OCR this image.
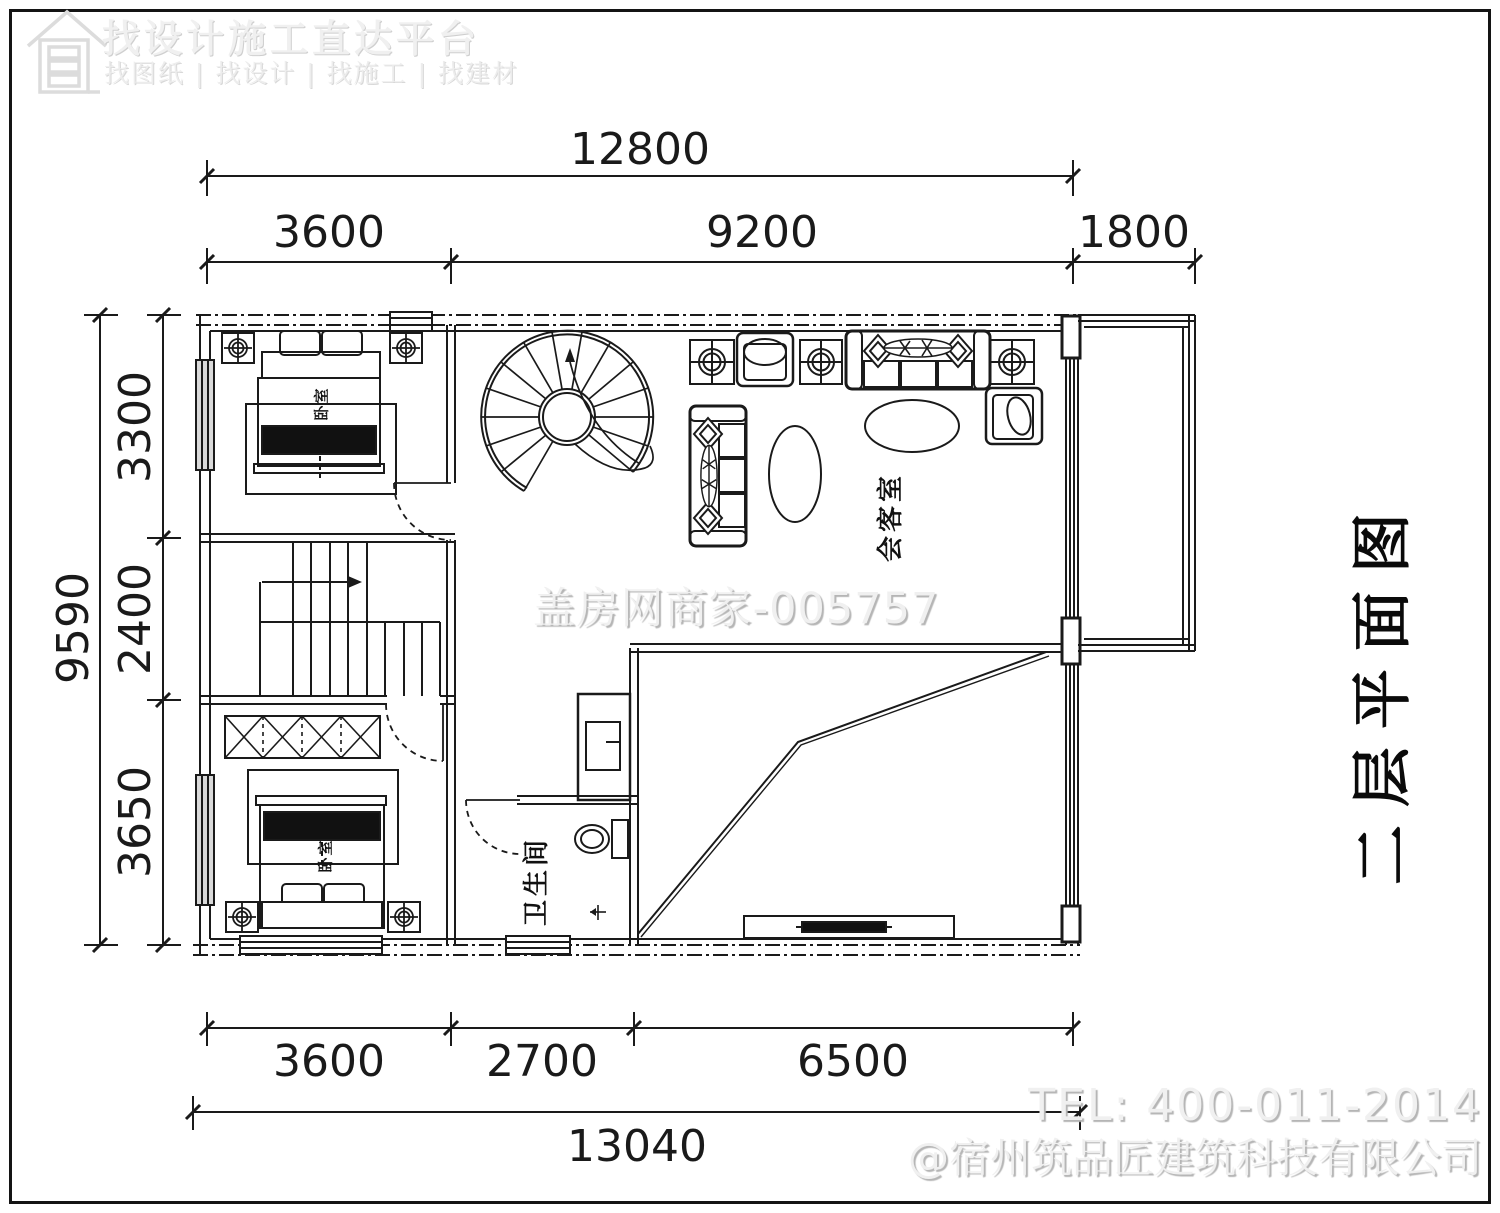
找设计施工直达平台
找图纸 | 找设计 | 找施工 | 找建材
12800
3600	9200	1800
9590
3300
2400
3650
3600	2700	6500
13040
卧室
卧室
会客室
卫生间	二层平面图
盖房网商家-005757
TEL: 400-011-2014
@宿州筑品匠建筑科技有限公司
